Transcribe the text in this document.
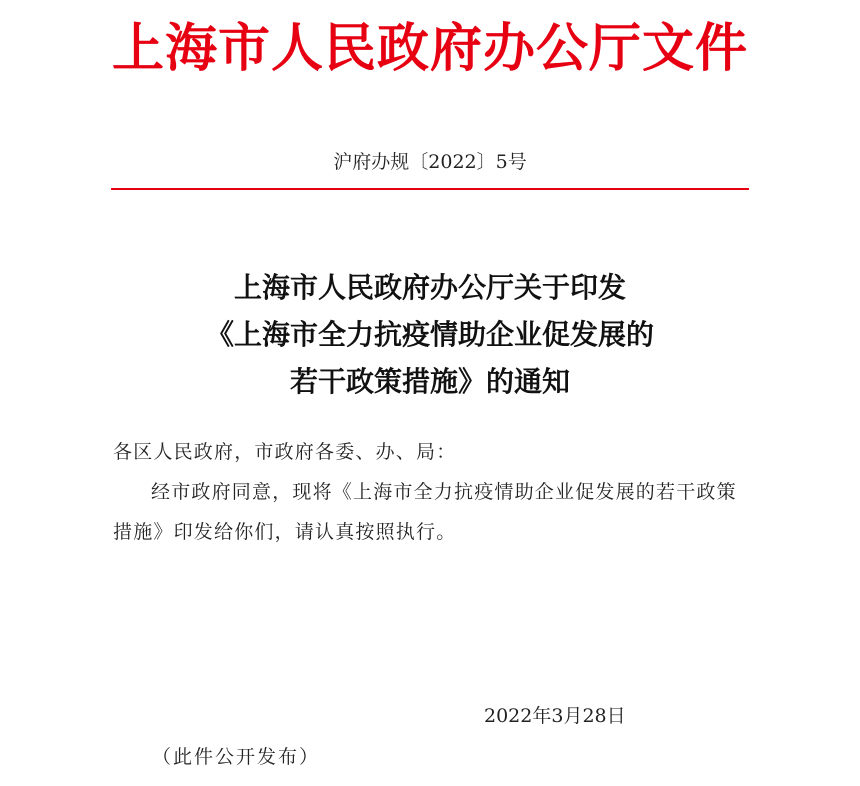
上海市人民政府办公厅文件
沪府办规〔2022〕5号
上海市人民政府办公厅关于印发
《上海市全力抗疫情助企业促发展的
若干政策措施》的通知

各区人民政府，市政府各委、办、局：

经市政府同意，现将《上海市全力抗疫情助企业促发展的若干政策措施》印发给你们，请认真按照执行。

2022年3月28日
（此件公开发布）
